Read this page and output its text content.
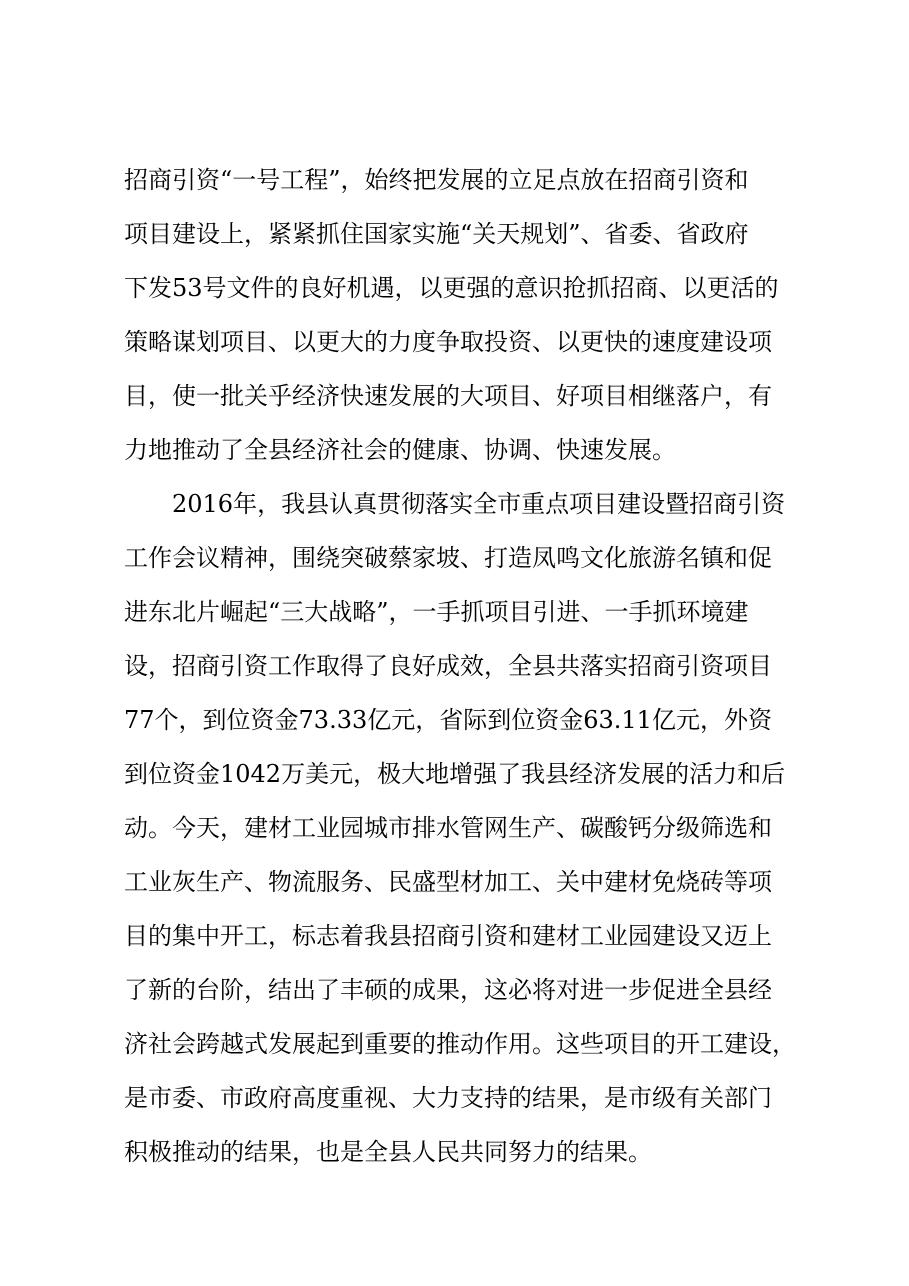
招商引资“一号工程”，始终把发展的立足点放在招商引资和
项目建设上，紧紧抓住国家实施“关天规划”、省委、省政府
下发53号文件的良好机遇，以更强的意识抢抓招商、以更活的
策略谋划项目、以更大的力度争取投资、以更快的速度建设项
目，使一批关乎经济快速发展的大项目、好项目相继落户，有
力地推动了全县经济社会的健康、协调、快速发展。
2016年，我县认真贯彻落实全市重点项目建设暨招商引资
工作会议精神，围绕突破蔡家坡、打造凤鸣文化旅游名镇和促
进东北片崛起“三大战略”，一手抓项目引进、一手抓环境建
设，招商引资工作取得了良好成效，全县共落实招商引资项目
77个，到位资金73.33亿元，省际到位资金63.11亿元，外资
到位资金1042万美元，极大地增强了我县经济发展的活力和后
动。今天，建材工业园城市排水管网生产、碳酸钙分级筛选和
工业灰生产、物流服务、民盛型材加工、关中建材免烧砖等项
目的集中开工，标志着我县招商引资和建材工业园建设又迈上
了新的台阶，结出了丰硕的成果，这必将对进一步促进全县经
济社会跨越式发展起到重要的推动作用。这些项目的开工建设，
是市委、市政府高度重视、大力支持的结果，是市级有关部门
积极推动的结果，也是全县人民共同努力的结果。
